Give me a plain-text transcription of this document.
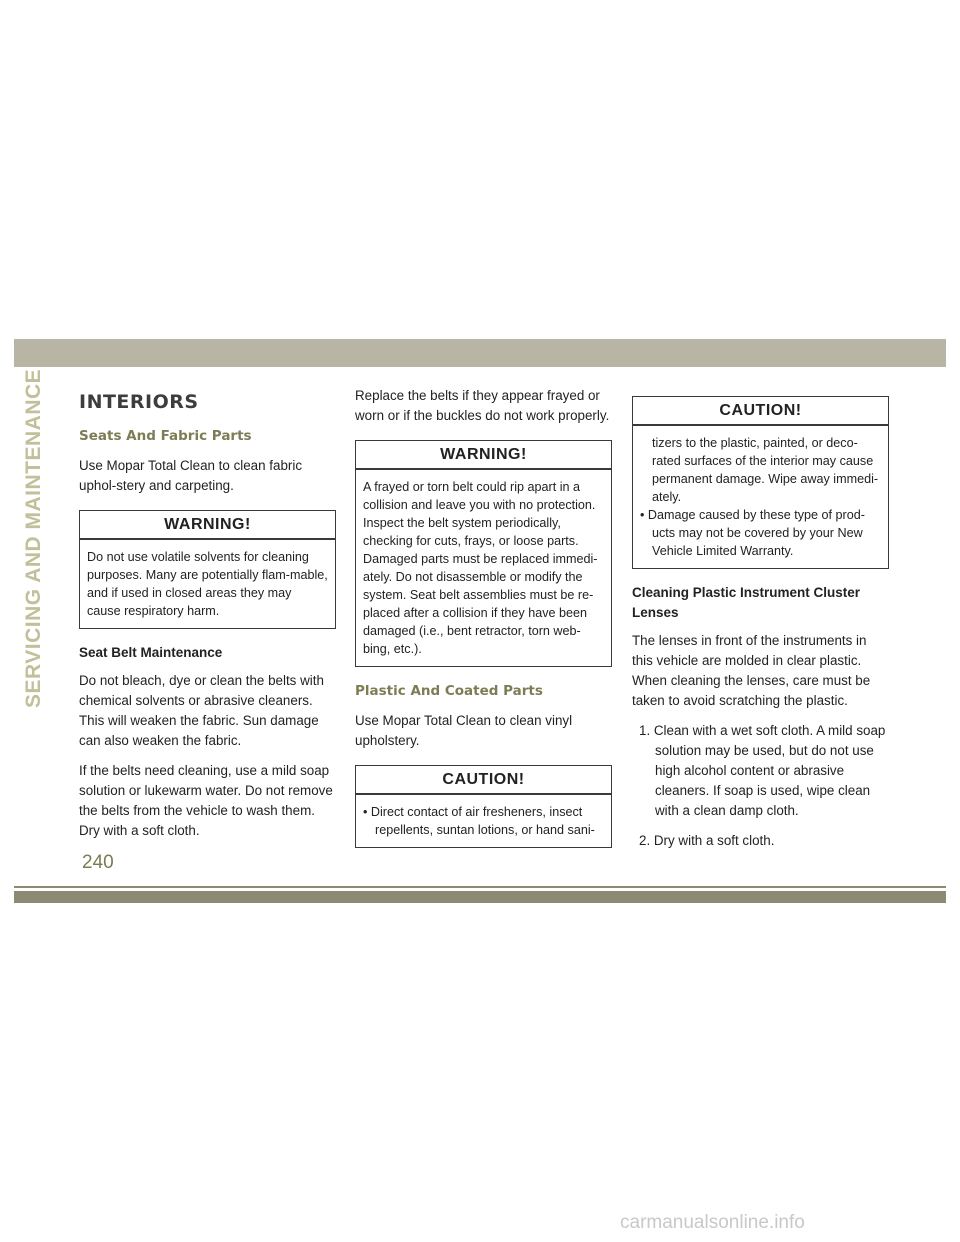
SERVICING AND MAINTENANCE INTERIORS
Seats And Fabric Parts

Use Mopar Total Clean to clean fabric uphol-stery and carpeting.

WARNING!
Do not use volatile solvents for cleaning purposes. Many are potentially flam-mable, and if used in closed areas they may cause respiratory harm.
Seat Belt Maintenance

Do not bleach, dye or clean the belts with chemical solvents or abrasive cleaners. This will weaken the fabric. Sun damage can also weaken the fabric.

If the belts need cleaning, use a mild soap solution or lukewarm water. Do not remove the belts from the vehicle to wash them. Dry with a soft cloth.

Replace the belts if they appear frayed or worn or if the buckles do not work properly.

WARNING!
A frayed or torn belt could rip apart in a collision and leave you with no protection. Inspect the belt system periodically, checking for cuts, frays, or loose parts. Damaged parts must be replaced immedi-ately. Do not disassemble or modify the system. Seat belt assemblies must be re-placed after a collision if they have been damaged (i.e., bent retractor, torn web-bing, etc.).
Plastic And Coated Parts

Use Mopar Total Clean to clean vinyl upholstery.

CAUTION!

• Direct contact of air fresheners, insect repellents, suntan lotions, or hand sani-

CAUTION!

tizers to the plastic, painted, or deco-rated surfaces of the interior may cause permanent damage. Wipe away immedi-ately.

• Damage caused by these type of prod-ucts may not be covered by your New Vehicle Limited Warranty.

Cleaning Plastic Instrument Cluster Lenses

The lenses in front of the instruments in this vehicle are molded in clear plastic. When cleaning the lenses, care must be taken to avoid scratching the plastic.

1. Clean with a wet soft cloth. A mild soap solution may be used, but do not use high alcohol content or abrasive cleaners. If soap is used, wipe clean with a clean damp cloth.
2. Dry with a soft cloth.
240
carmanualsonline.info
